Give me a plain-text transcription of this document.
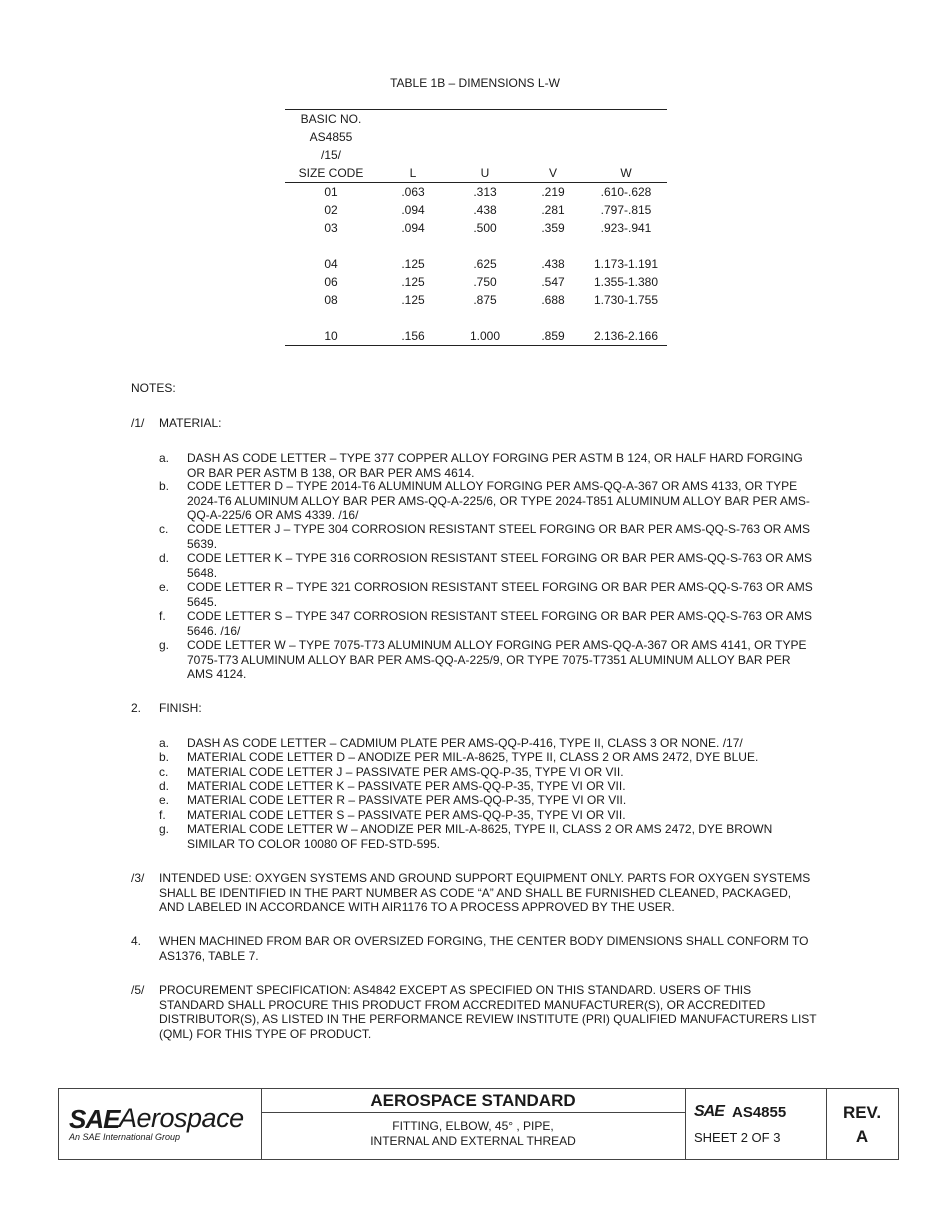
TABLE 1B – DIMENSIONS L-W
BASIC NO.				
AS4855				
/15/				
SIZE CODE	L	U	V	W
01	.063	.313	.219	.610-.628
02	.094	.438	.281	.797-.815
03	.094	.500	.359	.923-.941

04	.125	.625	.438	1.173-1.191
06	.125	.750	.547	1.355-1.380
08	.125	.875	.688	1.730-1.755

10	.156	1.000	.859	2.136-2.166
NOTES:
/1/ MATERIAL:
a. DASH AS CODE LETTER – TYPE 377 COPPER ALLOY FORGING PER ASTM B 124, OR HALF HARD FORGING OR BAR PER ASTM B 138, OR BAR PER AMS 4614.
b. CODE LETTER D – TYPE 2014-T6 ALUMINUM ALLOY FORGING PER AMS-QQ-A-367 OR AMS 4133, OR TYPE 2024-T6 ALUMINUM ALLOY BAR PER AMS-QQ-A-225/6, OR TYPE 2024-T851 ALUMINUM ALLOY BAR PER AMS-QQ-A-225/6 OR AMS 4339. /16/
c. CODE LETTER J – TYPE 304 CORROSION RESISTANT STEEL FORGING OR BAR PER AMS-QQ-S-763 OR AMS 5639.
d. CODE LETTER K – TYPE 316 CORROSION RESISTANT STEEL FORGING OR BAR PER AMS-QQ-S-763 OR AMS 5648.
e. CODE LETTER R – TYPE 321 CORROSION RESISTANT STEEL FORGING OR BAR PER AMS-QQ-S-763 OR AMS 5645.
f. CODE LETTER S – TYPE 347 CORROSION RESISTANT STEEL FORGING OR BAR PER AMS-QQ-S-763 OR AMS 5646. /16/
g. CODE LETTER W – TYPE 7075-T73 ALUMINUM ALLOY FORGING PER AMS-QQ-A-367 OR AMS 4141, OR TYPE 7075-T73 ALUMINUM ALLOY BAR PER AMS-QQ-A-225/9, OR TYPE 7075-T7351 ALUMINUM ALLOY BAR PER AMS 4124.
2. FINISH:
a. DASH AS CODE LETTER – CADMIUM PLATE PER AMS-QQ-P-416, TYPE II, CLASS 3 OR NONE. /17/
b. MATERIAL CODE LETTER D – ANODIZE PER MIL-A-8625, TYPE II, CLASS 2 OR AMS 2472, DYE BLUE.
c. MATERIAL CODE LETTER J – PASSIVATE PER AMS-QQ-P-35, TYPE VI OR VII.
d. MATERIAL CODE LETTER K – PASSIVATE PER AMS-QQ-P-35, TYPE VI OR VII.
e. MATERIAL CODE LETTER R – PASSIVATE PER AMS-QQ-P-35, TYPE VI OR VII.
f. MATERIAL CODE LETTER S – PASSIVATE PER AMS-QQ-P-35, TYPE VI OR VII.
g. MATERIAL CODE LETTER W – ANODIZE PER MIL-A-8625, TYPE II, CLASS 2 OR AMS 2472, DYE BROWN SIMILAR TO COLOR 10080 OF FED-STD-595.
/3/ INTENDED USE: OXYGEN SYSTEMS AND GROUND SUPPORT EQUIPMENT ONLY. PARTS FOR OXYGEN SYSTEMS SHALL BE IDENTIFIED IN THE PART NUMBER AS CODE “A” AND SHALL BE FURNISHED CLEANED, PACKAGED, AND LABELED IN ACCORDANCE WITH AIR1176 TO A PROCESS APPROVED BY THE USER.
4. WHEN MACHINED FROM BAR OR OVERSIZED FORGING, THE CENTER BODY DIMENSIONS SHALL CONFORM TO AS1376, TABLE 7.
/5/ PROCUREMENT SPECIFICATION: AS4842 EXCEPT AS SPECIFIED ON THIS STANDARD. USERS OF THIS STANDARD SHALL PROCURE THIS PRODUCT FROM ACCREDITED MANUFACTURER(S), OR ACCREDITED DISTRIBUTOR(S), AS LISTED IN THE PERFORMANCE REVIEW INSTITUTE (PRI) QUALIFIED MANUFACTURERS LIST (QML) FOR THIS TYPE OF PRODUCT.
SAE Aerospace
An SAE International Group
AEROSPACE STANDARD
FITTING, ELBOW, 45° , PIPE,
INTERNAL AND EXTERNAL THREAD
SAE AS4855
SHEET 2 OF 3
REV.
A
